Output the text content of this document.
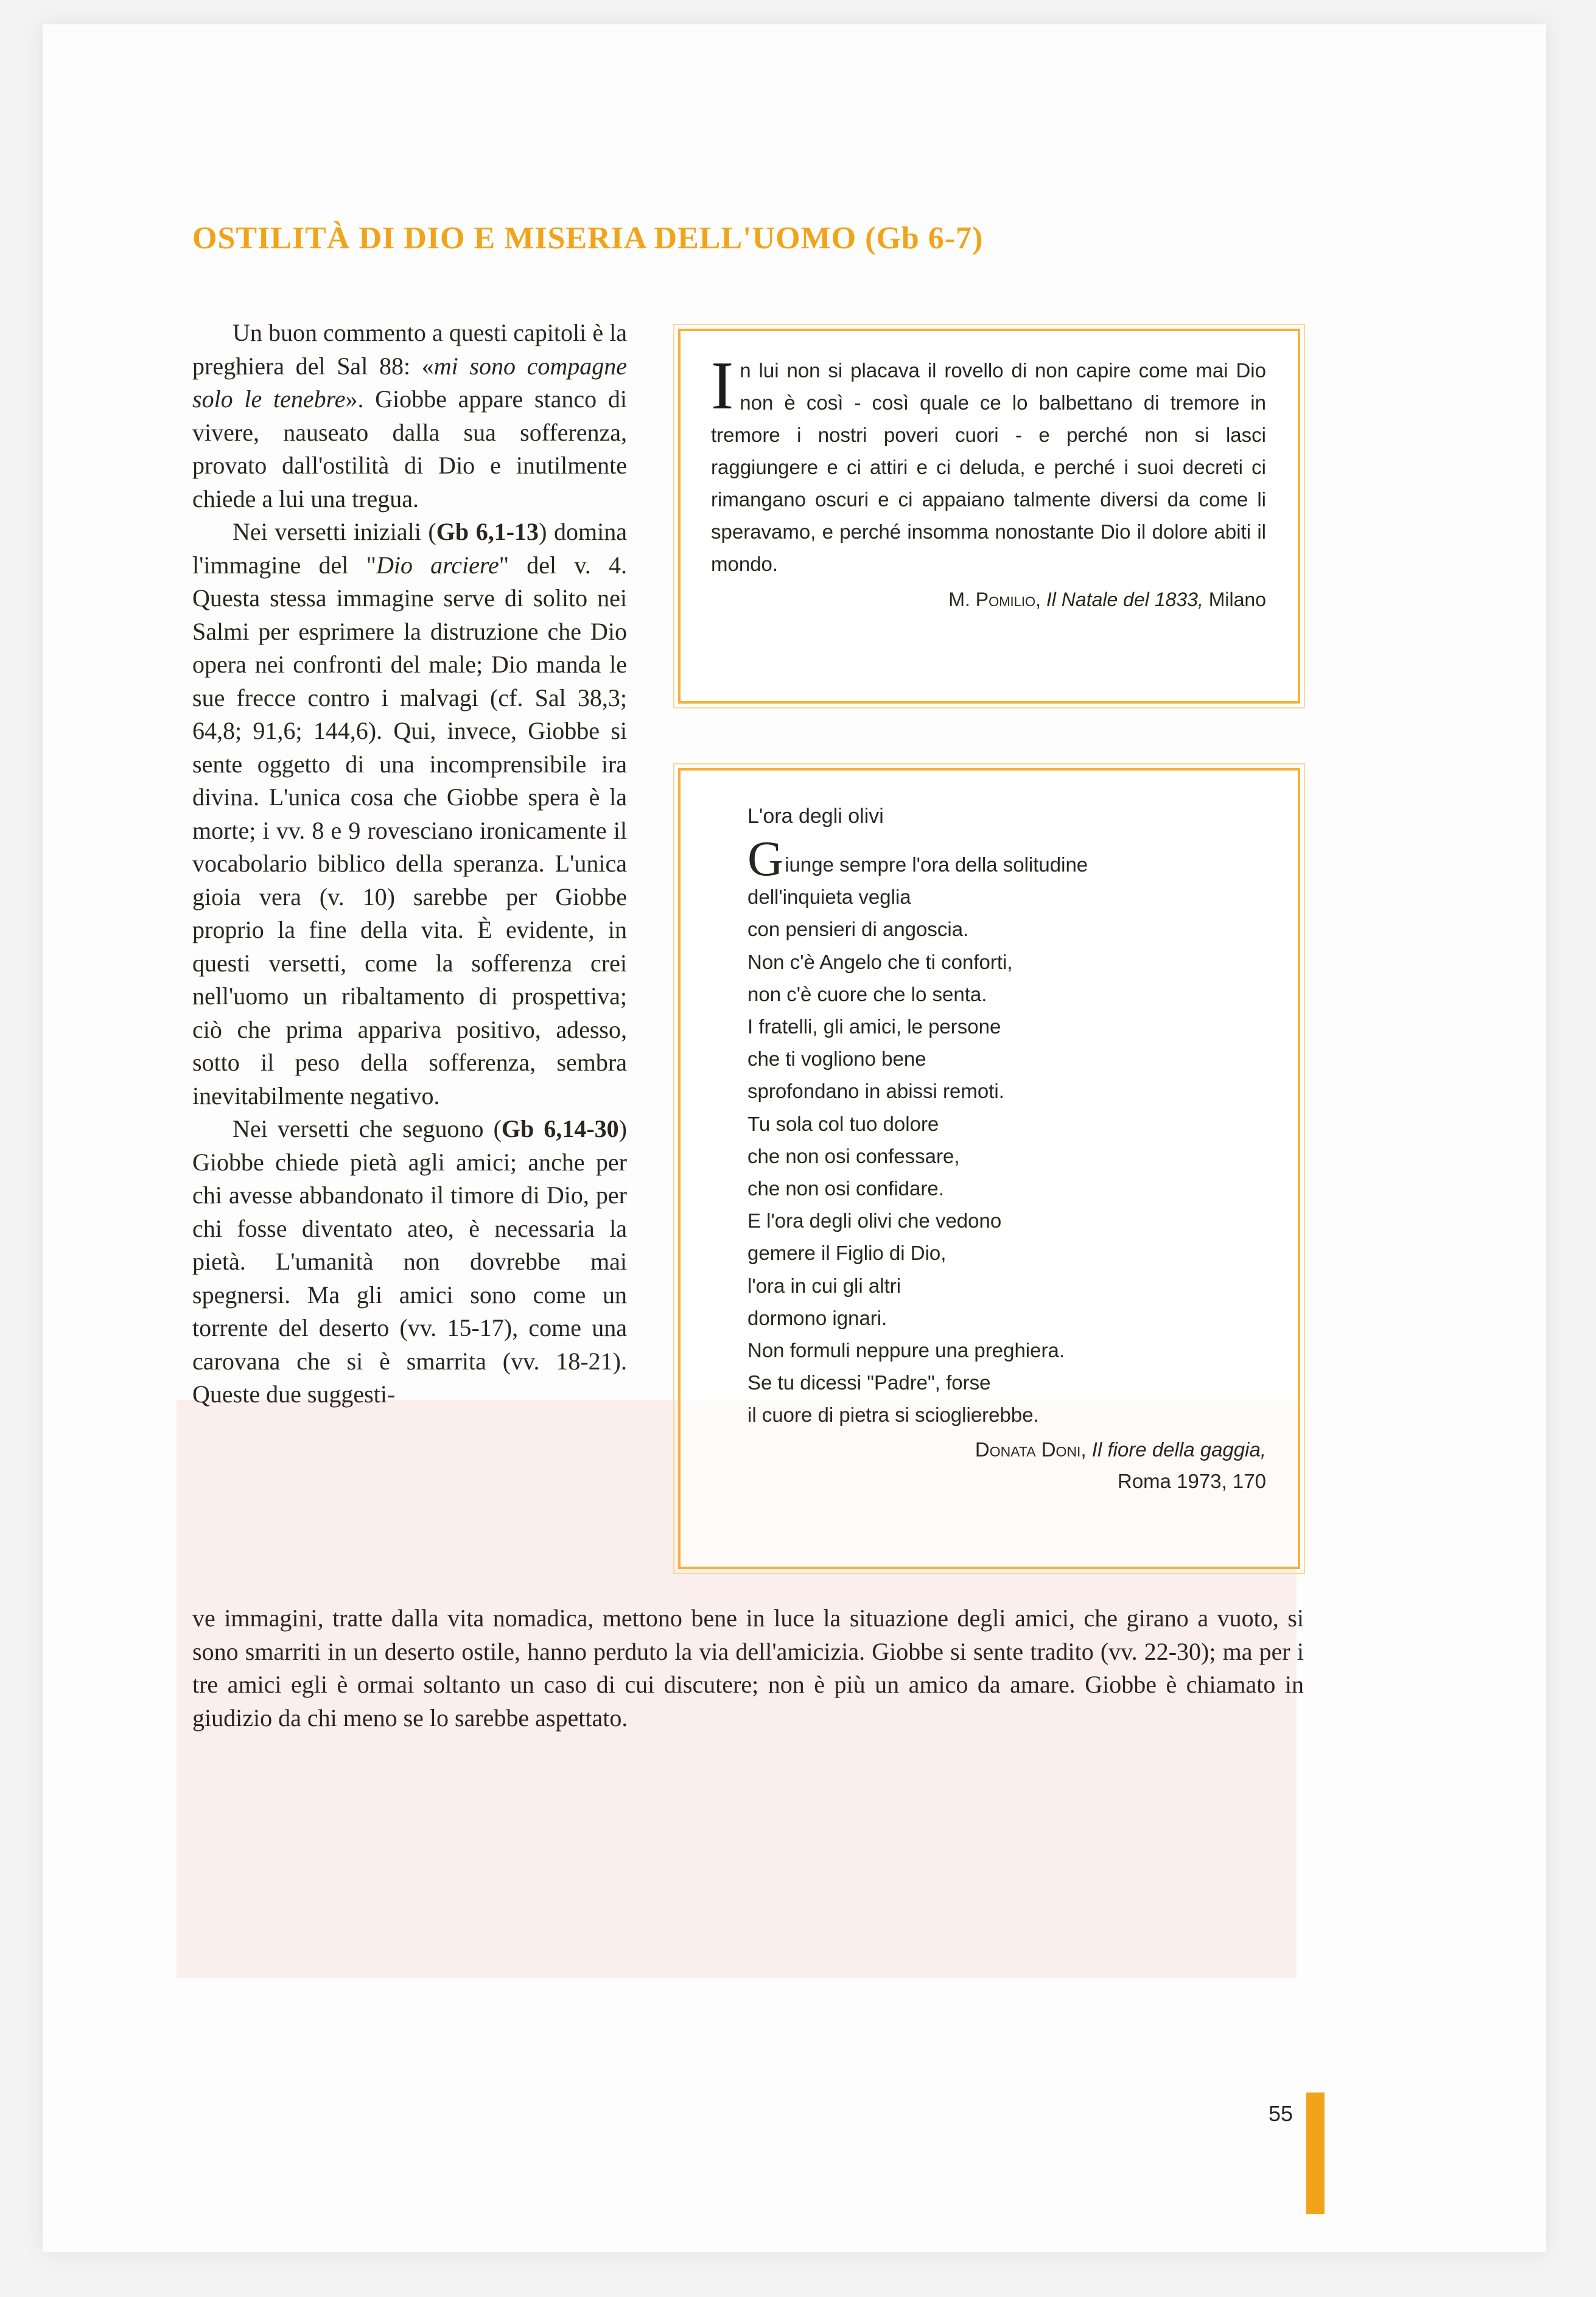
OSTILITÀ DI DIO E MISERIA DELL'UOMO (Gb 6-7)

Un buon commento a questi capitoli è la preghiera del Sal 88: «mi sono compagne solo le tenebre». Giobbe appare stanco di vivere, nauseato dalla sua sofferenza, provato dall'ostilità di Dio e inutilmente chiede a lui una tregua.

Nei versetti iniziali (Gb 6,1-13) domina l'immagine del "Dio arciere" del v. 4. Questa stessa immagine serve di solito nei Salmi per esprimere la distruzione che Dio opera nei confronti del male; Dio manda le sue frecce contro i malvagi (cf. Sal 38,3; 64,8; 91,6; 144,6). Qui, invece, Giobbe si sente oggetto di una incomprensibile ira divina. L'unica cosa che Giobbe spera è la morte; i vv. 8 e 9 rovesciano ironicamente il vocabolario biblico della speranza. L'unica gioia vera (v. 10) sarebbe per Giobbe proprio la fine della vita. È evidente, in questi versetti, come la sofferenza crei nell'uomo un ribaltamento di prospettiva; ciò che prima appariva positivo, adesso, sotto il peso della sofferenza, sembra inevitabilmente negativo.

Nei versetti che seguono (Gb 6,14-30) Giobbe chiede pietà agli amici; anche per chi avesse abbandonato il timore di Dio, per chi fosse diventato ateo, è necessaria la pietà. L'umanità non dovrebbe mai spegnersi. Ma gli amici sono come un torrente del deserto (vv. 15-17), come una carovana che si è smarrita (vv. 18-21). Queste due suggesti-

ve immagini, tratte dalla vita nomadica, mettono bene in luce la situazione degli amici, che girano a vuoto, si sono smarriti in un deserto ostile, hanno perduto la via dell'amicizia. Giobbe si sente tradito (vv. 22-30); ma per i tre amici egli è ormai soltanto un caso di cui discutere; non è più un amico da amare. Giobbe è chiamato in giudizio da chi meno se lo sarebbe aspettato.

In lui non si placava il rovello di non capire come mai Dio non è così - così quale ce lo balbettano di tremore in tremore i nostri poveri cuori - e perché non si lasci raggiungere e ci attiri e ci deluda, e perché i suoi decreti ci rimangano oscuri e ci appaiano talmente diversi da come li speravamo, e perché insomma nonostante Dio il dolore abiti il mondo.

M. Pomilio, Il Natale del 1833, Milano
L'ora degli olivi
Giunge sempre l'ora della solitudine
dell'inquieta veglia
con pensieri di angoscia.
Non c'è Angelo che ti conforti,
non c'è cuore che lo senta.
I fratelli, gli amici, le persone
che ti vogliono bene
sprofondano in abissi remoti.
Tu sola col tuo dolore
che non osi confessare,
che non osi confidare.
E l'ora degli olivi che vedono
gemere il Figlio di Dio,
l'ora in cui gli altri
dormono ignari.
Non formuli neppure una preghiera.
Se tu dicessi "Padre", forse
il cuore di pietra si scioglierebbe.
Donata Doni, Il fiore della gaggia,
Roma 1973, 170
55
